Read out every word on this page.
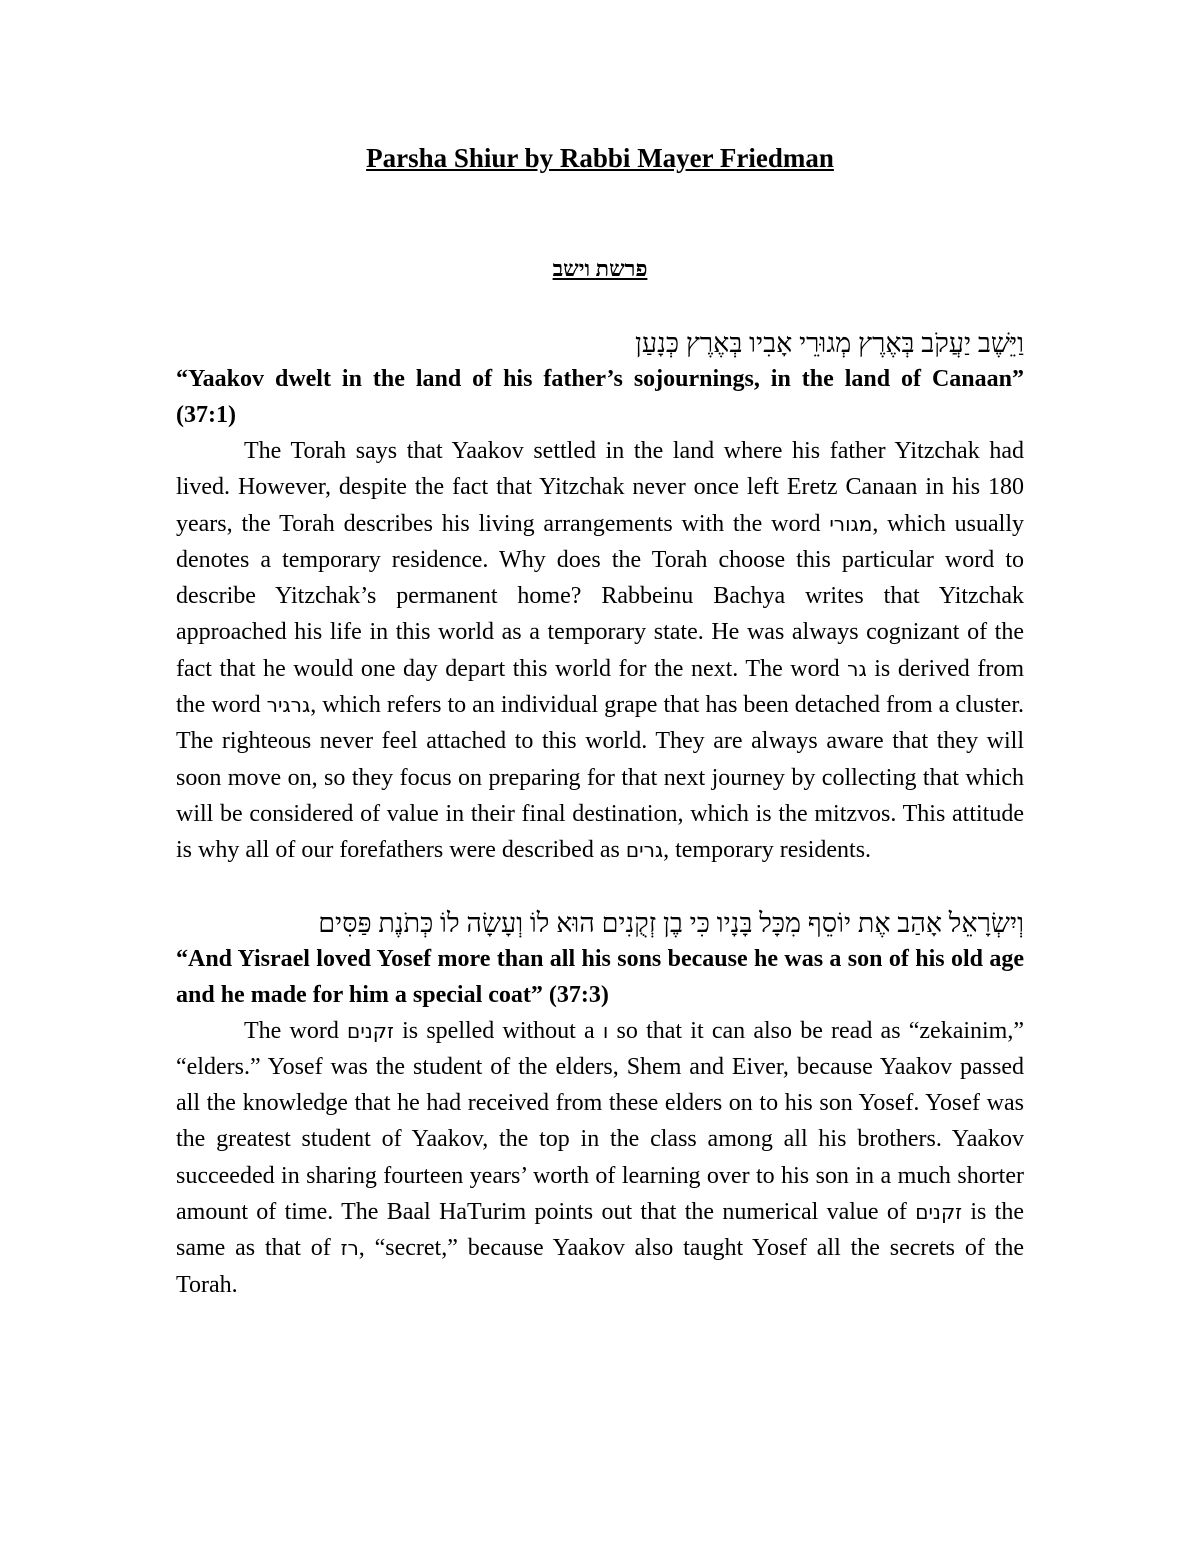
Parsha Shiur by Rabbi Mayer Friedman

פרשת וישב

וַיֵּשֶׁב יַעֲקֹב בְּאֶרֶץ מְגוּרֵי אָבִיו בְּאֶרֶץ כְּנָעַן

“Yaakov dwelt in the land of his father’s sojournings, in the land of Canaan” (37:1)

The Torah says that Yaakov settled in the land where his father Yitzchak had lived. However, despite the fact that Yitzchak never once left Eretz Canaan in his 180 years, the Torah describes his living arrangements with the word מגורי, which usually denotes a temporary residence. Why does the Torah choose this particular word to describe Yitzchak’s permanent home? Rabbeinu Bachya writes that Yitzchak approached his life in this world as a temporary state. He was always cognizant of the fact that he would one day depart this world for the next. The word גר is derived from the word גרגיר, which refers to an individual grape that has been detached from a cluster. The righteous never feel attached to this world. They are always aware that they will soon move on, so they focus on preparing for that next journey by collecting that which will be considered of value in their final destination, which is the mitzvos. This attitude is why all of our forefathers were described as גרים, temporary residents.

וְיִשְׂרָאֵל אָהַב אֶת יוֹסֵף מִכָּל בָּנָיו כִּי בֶן זְקֻנִים הוּא לוֹ וְעָשָׂה לוֹ כְּתֹנֶת פַּסִּים

“And Yisrael loved Yosef more than all his sons because he was a son of his old age and he made for him a special coat” (37:3)

The word זקנים is spelled without a ו so that it can also be read as “zekainim,” “elders.” Yosef was the student of the elders, Shem and Eiver, because Yaakov passed all the knowledge that he had received from these elders on to his son Yosef. Yosef was the greatest student of Yaakov, the top in the class among all his brothers. Yaakov succeeded in sharing fourteen years’ worth of learning over to his son in a much shorter amount of time. The Baal HaTurim points out that the numerical value of זקנים is the same as that of רז, “secret,” because Yaakov also taught Yosef all the secrets of the Torah.
